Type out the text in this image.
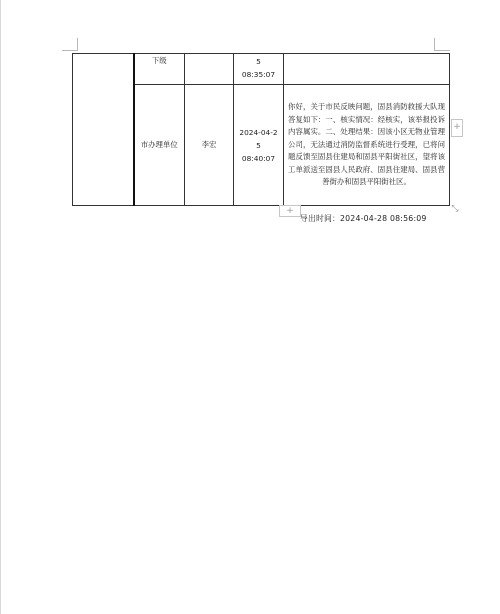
	下级		5
08:35:07	

	市办理单位	李宏	2024-04-2
5
08:40:07	你好，关于市民反映问题，固县消防救援大队现答复如下：一、核实情况：经核实，该举报投诉内容属实。二、处理结果：因该小区无物业管理公司，无法通过消防监督系统进行受理，已将问题反馈至固县住建局和固县平阳街社区，望将该工单派送至固县人民政府、固县住建局、固县营善街办和固县平阳街社区。
+
+	⤡
导出时间：2024-04-28 08:56:09
